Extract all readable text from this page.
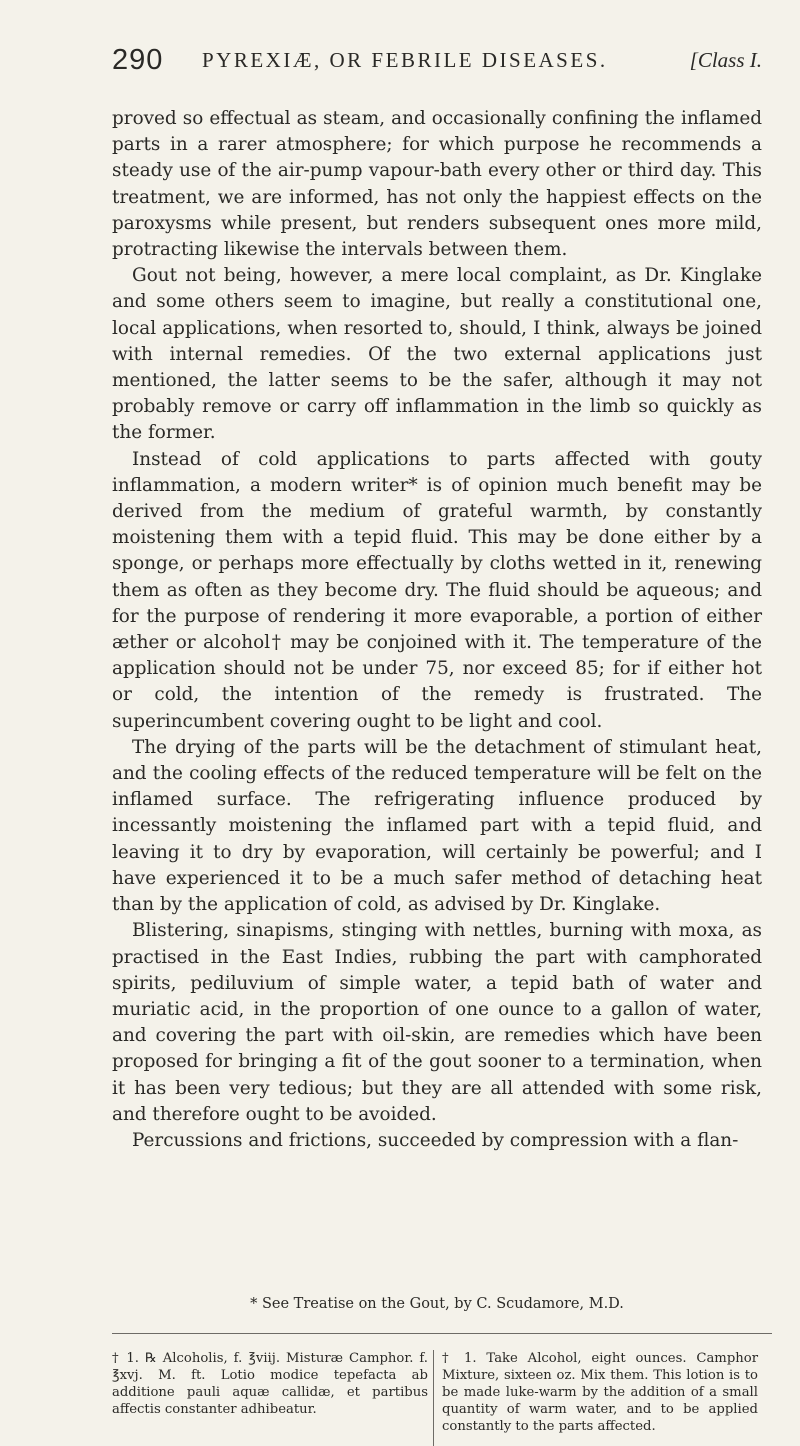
290 PYREXIÆ, OR FEBRILE DISEASES.	[Class I.

proved so effectual as steam, and occasionally confining the inflamed parts in a rarer atmosphere; for which purpose he recommends a steady use of the air-pump vapour-bath every other or third day. This treatment, we are informed, has not only the happiest effects on the paroxysms while present, but renders subsequent ones more mild, protracting likewise the intervals between them.

Gout not being, however, a mere local complaint, as Dr. Kinglake and some others seem to imagine, but really a constitutional one, local applications, when resorted to, should, I think, always be joined with internal remedies. Of the two external applications just mentioned, the latter seems to be the safer, although it may not probably remove or carry off inflammation in the limb so quickly as the former.

Instead of cold applications to parts affected with gouty inflammation, a modern writer* is of opinion much benefit may be derived from the medium of grateful warmth, by constantly moistening them with a tepid fluid. This may be done either by a sponge, or perhaps more effectually by cloths wetted in it, renewing them as often as they become dry. The fluid should be aqueous; and for the purpose of rendering it more evaporable, a portion of either æther or alcohol† may be conjoined with it. The temperature of the application should not be under 75, nor exceed 85; for if either hot or cold, the intention of the remedy is frustrated. The superincumbent covering ought to be light and cool.

The drying of the parts will be the detachment of stimulant heat, and the cooling effects of the reduced temperature will be felt on the inflamed surface. The refrigerating influence produced by incessantly moistening the inflamed part with a tepid fluid, and leaving it to dry by evaporation, will certainly be powerful; and I have experienced it to be a much safer method of detaching heat than by the application of cold, as advised by Dr. Kinglake.

Blistering, sinapisms, stinging with nettles, burning with moxa, as practised in the East Indies, rubbing the part with camphorated spirits, pediluvium of simple water, a tepid bath of water and muriatic acid, in the proportion of one ounce to a gallon of water, and covering the part with oil-skin, are remedies which have been proposed for bringing a fit of the gout sooner to a termination, when it has been very tedious; but they are all attended with some risk, and therefore ought to be avoided.

Percussions and frictions, succeeded by compression with a flan-

* See Treatise on the Gout, by C. Scudamore, M.D.
† 1. ℞ Alcoholis, f. ℥viij. Misturæ Camphor. f. ℥xvj. M. ft. Lotio modice tepefacta ab additione pauli aquæ callidæ, et partibus affectis constanter adhibeatur.
† 1. Take Alcohol, eight ounces. Camphor Mixture, sixteen oz. Mix them. This lotion is to be made luke-warm by the addition of a small quantity of warm water, and to be applied constantly to the parts affected.
